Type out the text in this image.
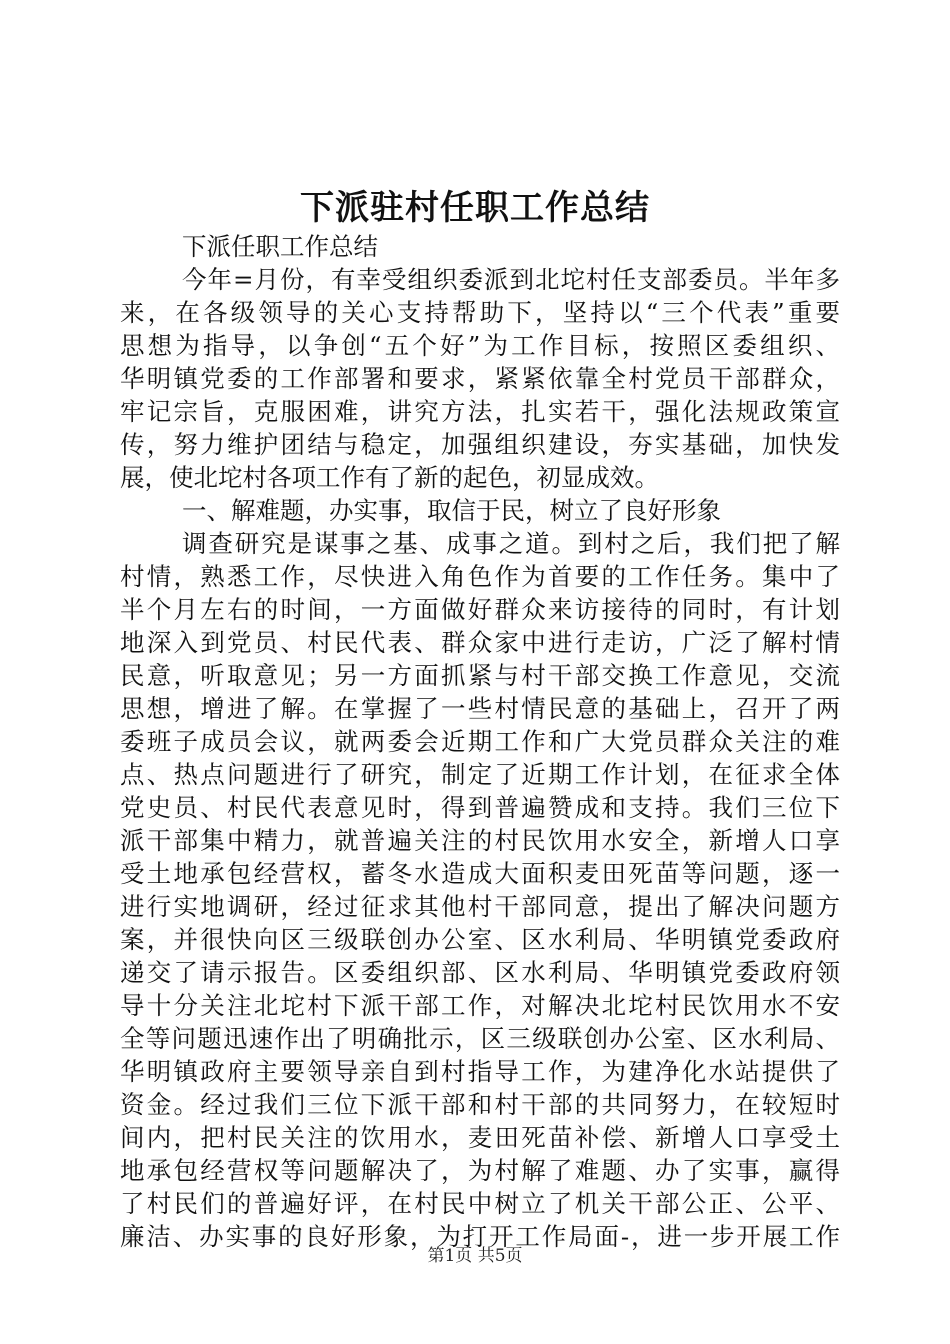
下派驻村任职工作总结
下派任职工作总结
今年=月份，有幸受组织委派到北坨村任支部委员。半年多
来，在各级领导的关心支持帮助下，坚持以“三个代表”重要
思想为指导，以争创“五个好”为工作目标，按照区委组织、
华明镇党委的工作部署和要求，紧紧依靠全村党员干部群众，
牢记宗旨，克服困难，讲究方法，扎实若干，强化法规政策宣
传，努力维护团结与稳定，加强组织建设，夯实基础，加快发
展，使北坨村各项工作有了新的起色，初显成效。
一、解难题，办实事，取信于民，树立了良好形象
调查研究是谋事之基、成事之道。到村之后，我们把了解
村情，熟悉工作，尽快进入角色作为首要的工作任务。集中了
半个月左右的时间，一方面做好群众来访接待的同时，有计划
地深入到党员、村民代表、群众家中进行走访，广泛了解村情
民意，听取意见；另一方面抓紧与村干部交换工作意见，交流
思想，增进了解。在掌握了一些村情民意的基础上，召开了两
委班子成员会议，就两委会近期工作和广大党员群众关注的难
点、热点问题进行了研究，制定了近期工作计划，在征求全体
党史员、村民代表意见时，得到普遍赞成和支持。我们三位下
派干部集中精力，就普遍关注的村民饮用水安全，新增人口享
受土地承包经营权，蓄冬水造成大面积麦田死苗等问题，逐一
进行实地调研，经过征求其他村干部同意，提出了解决问题方
案，并很快向区三级联创办公室、区水利局、华明镇党委政府
递交了请示报告。区委组织部、区水利局、华明镇党委政府领
导十分关注北坨村下派干部工作，对解决北坨村民饮用水不安
全等问题迅速作出了明确批示，区三级联创办公室、区水利局、
华明镇政府主要领导亲自到村指导工作，为建净化水站提供了
资金。经过我们三位下派干部和村干部的共同努力，在较短时
间内，把村民关注的饮用水，麦田死苗补偿、新增人口享受土
地承包经营权等问题解决了，为村解了难题、办了实事，赢得
了村民们的普遍好评，在村民中树立了机关干部公正、公平、
廉洁、办实事的良好形象，为打开工作局面-，进一步开展工作
第1页 共5页
